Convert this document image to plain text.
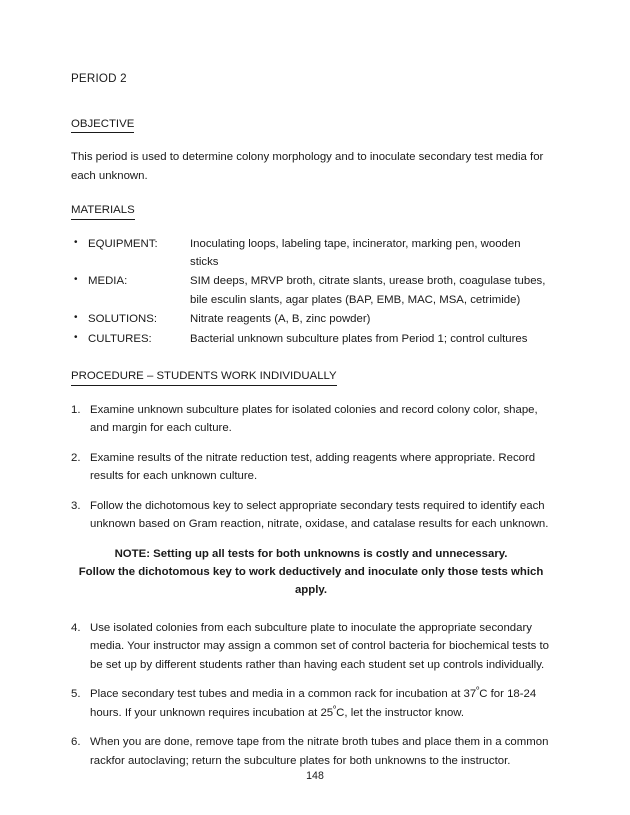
PERIOD 2
OBJECTIVE

This period is used to determine colony morphology and to inoculate secondary test media for each unknown.

MATERIALS
• EQUIPMENT:	Inoculating loops, labeling tape, incinerator, marking pen, wooden sticks
• MEDIA:	SIM deeps, MRVP broth, citrate slants, urease broth, coagulase tubes,
bile esculin slants, agar plates (BAP, EMB, MAC, MSA, cetrimide)
• SOLUTIONS:	Nitrate reagents (A, B, zinc powder)
• CULTURES:	Bacterial unknown subculture plates from Period 1; control cultures
PROCEDURE – STUDENTS WORK INDIVIDUALLY
1. Examine unknown subculture plates for isolated colonies and record colony color, shape, and margin for each culture.
2. Examine results of the nitrate reduction test, adding reagents where appropriate. Record results for each unknown culture.
3. Follow the dichotomous key to select appropriate secondary tests required to identify each unknown based on Gram reaction, nitrate, oxidase, and catalase results for each unknown.
NOTE: Setting up all tests for both unknowns is costly and unnecessary.
Follow the dichotomous key to work deductively and inoculate only those tests which apply.
4. Use isolated colonies from each subculture plate to inoculate the appropriate secondary media. Your instructor may assign a common set of control bacteria for biochemical tests to be set up by different students rather than having each student set up controls individually.
5. Place secondary test tubes and media in a common rack for incubation at $37^ºC$ for 18-24 hours. If your unknown requires incubation at $25^ºC$, let the instructor know.
6. When you are done, remove tape from the nitrate broth tubes and place them in a common rackfor autoclaving; return the subculture plates for both unknowns to the instructor.
148
